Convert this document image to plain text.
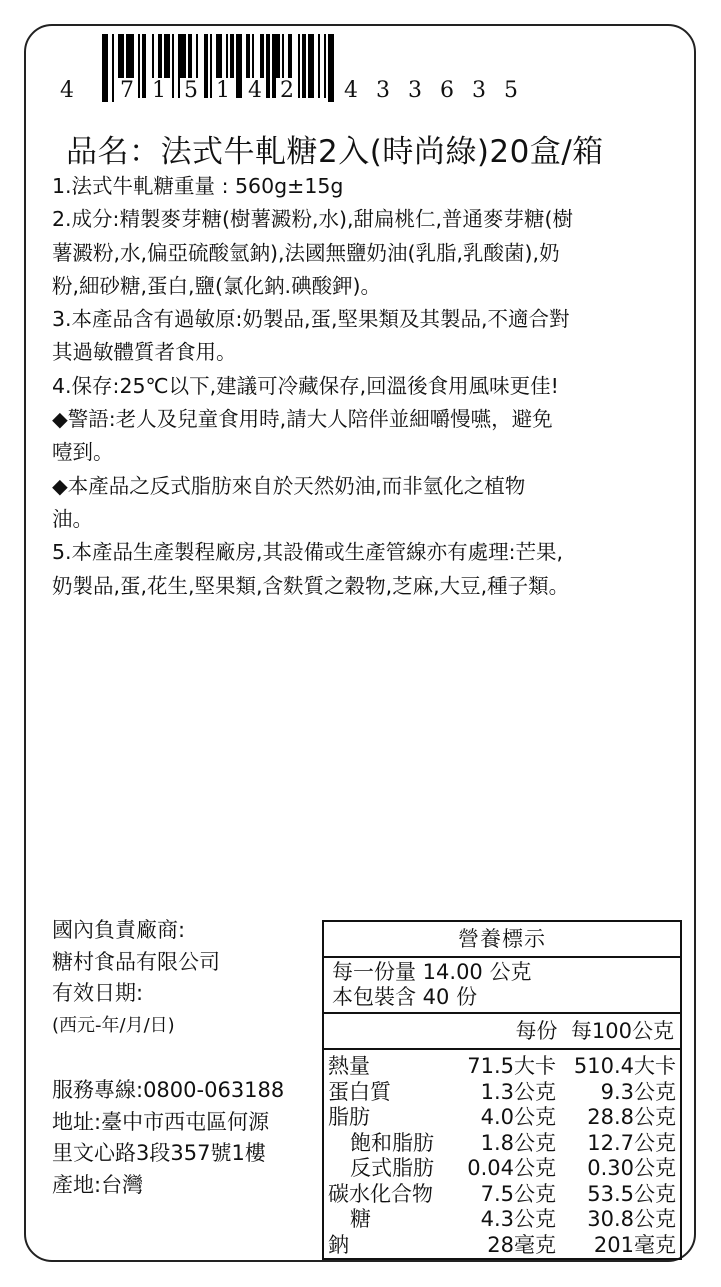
4 7 1 5 1 4 2 4 3 3 6 3 5
品名：法式牛軋糖2入(時尚綠)20盒/箱

1.法式牛軋糖重量 : 560g±15g

2.成分:精製麥芽糖(樹薯澱粉,水),甜扁桃仁,普通麥芽糖(樹

薯澱粉,水,偏亞硫酸氫鈉),法國無鹽奶油(乳脂,乳酸菌),奶

粉,細砂糖,蛋白,鹽(氯化鈉.碘酸鉀)。

3.本產品含有過敏原:奶製品,蛋,堅果類及其製品,不適合對

其過敏體質者食用。

4.保存:25℃以下,建議可冷藏保存,回溫後食用風味更佳!

◆警語:老人及兒童食用時,請大人陪伴並細嚼慢嚥，避免

噎到。

◆本產品之反式脂肪來自於天然奶油,而非氫化之植物

油。

5.本產品生產製程廠房,其設備或生產管線亦有處理:芒果,

奶製品,蛋,花生,堅果類,含麩質之穀物,芝麻,大豆,種子類。

國內負責廠商:
糖村食品有限公司
有效日期:
(西元-年/月/日)
服務專線:0800-063188
地址:臺中市西屯區何源
里文心路3段357號1樓
產地:台灣
營養標示
每一份量 14.00 公克
本包裝含 40 份
每份 每100公克
熱量	71.5大卡 510.4大卡
蛋白質	1.3公克	9.3公克
脂肪	4.0公克	28.8公克
飽和脂肪	1.8公克	12.7公克
反式脂肪	0.04公克	0.30公克
碳水化合物	7.5公克	53.5公克
糖	4.3公克	30.8公克
鈉	28毫克	201毫克
